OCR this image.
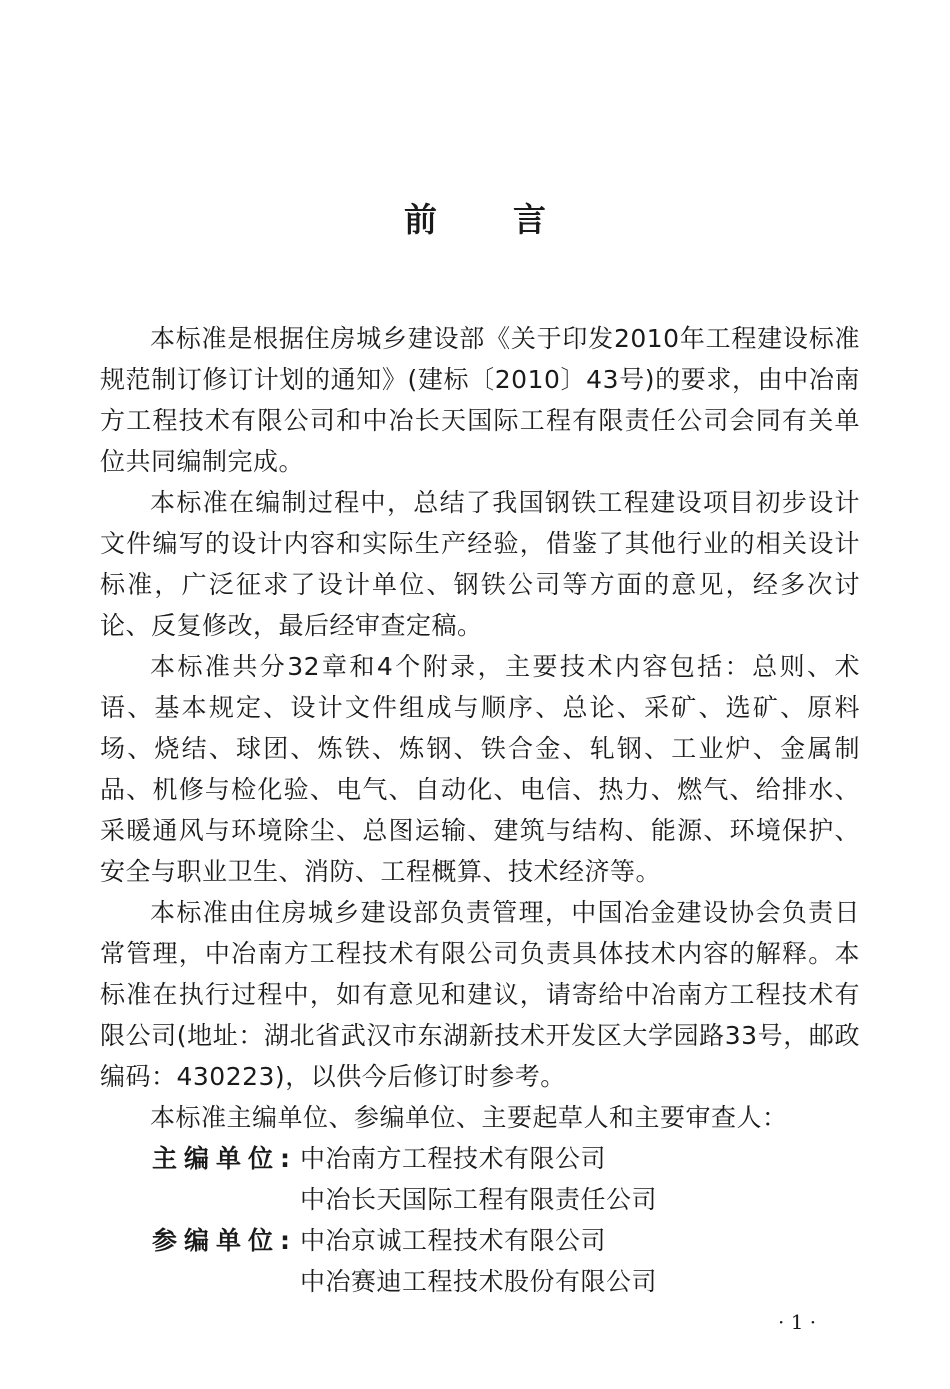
前言

本标准是根据住房城乡建设部《关于印发2010年工程建设标准规范制订修订计划的通知》(建标〔2010〕43号)的要求，由中冶南方工程技术有限公司和中冶长天国际工程有限责任公司会同有关单位共同编制完成。

本标准在编制过程中，总结了我国钢铁工程建设项目初步设计文件编写的设计内容和实际生产经验，借鉴了其他行业的相关设计标准，广泛征求了设计单位、钢铁公司等方面的意见，经多次讨论、反复修改，最后经审查定稿。

本标准共分32章和4个附录，主要技术内容包括：总则、术语、基本规定、设计文件组成与顺序、总论、采矿、选矿、原料场、烧结、球团、炼铁、炼钢、铁合金、轧钢、工业炉、金属制品、机修与检化验、电气、自动化、电信、热力、燃气、给排水、采暖通风与环境除尘、总图运输、建筑与结构、能源、环境保护、安全与职业卫生、消防、工程概算、技术经济等。

本标准由住房城乡建设部负责管理，中国冶金建设协会负责日常管理，中冶南方工程技术有限公司负责具体技术内容的解释。本标准在执行过程中，如有意见和建议，请寄给中冶南方工程技术有限公司(地址：湖北省武汉市东湖新技术开发区大学园路33号，邮政编码：430223)，以供今后修订时参考。

本标准主编单位、参编单位、主要起草人和主要审查人：

主编单位: 中冶南方工程技术有限公司
中冶长天国际工程有限责任公司
参编单位: 中冶京诚工程技术有限公司
中冶赛迪工程技术股份有限公司
· 1 ·
